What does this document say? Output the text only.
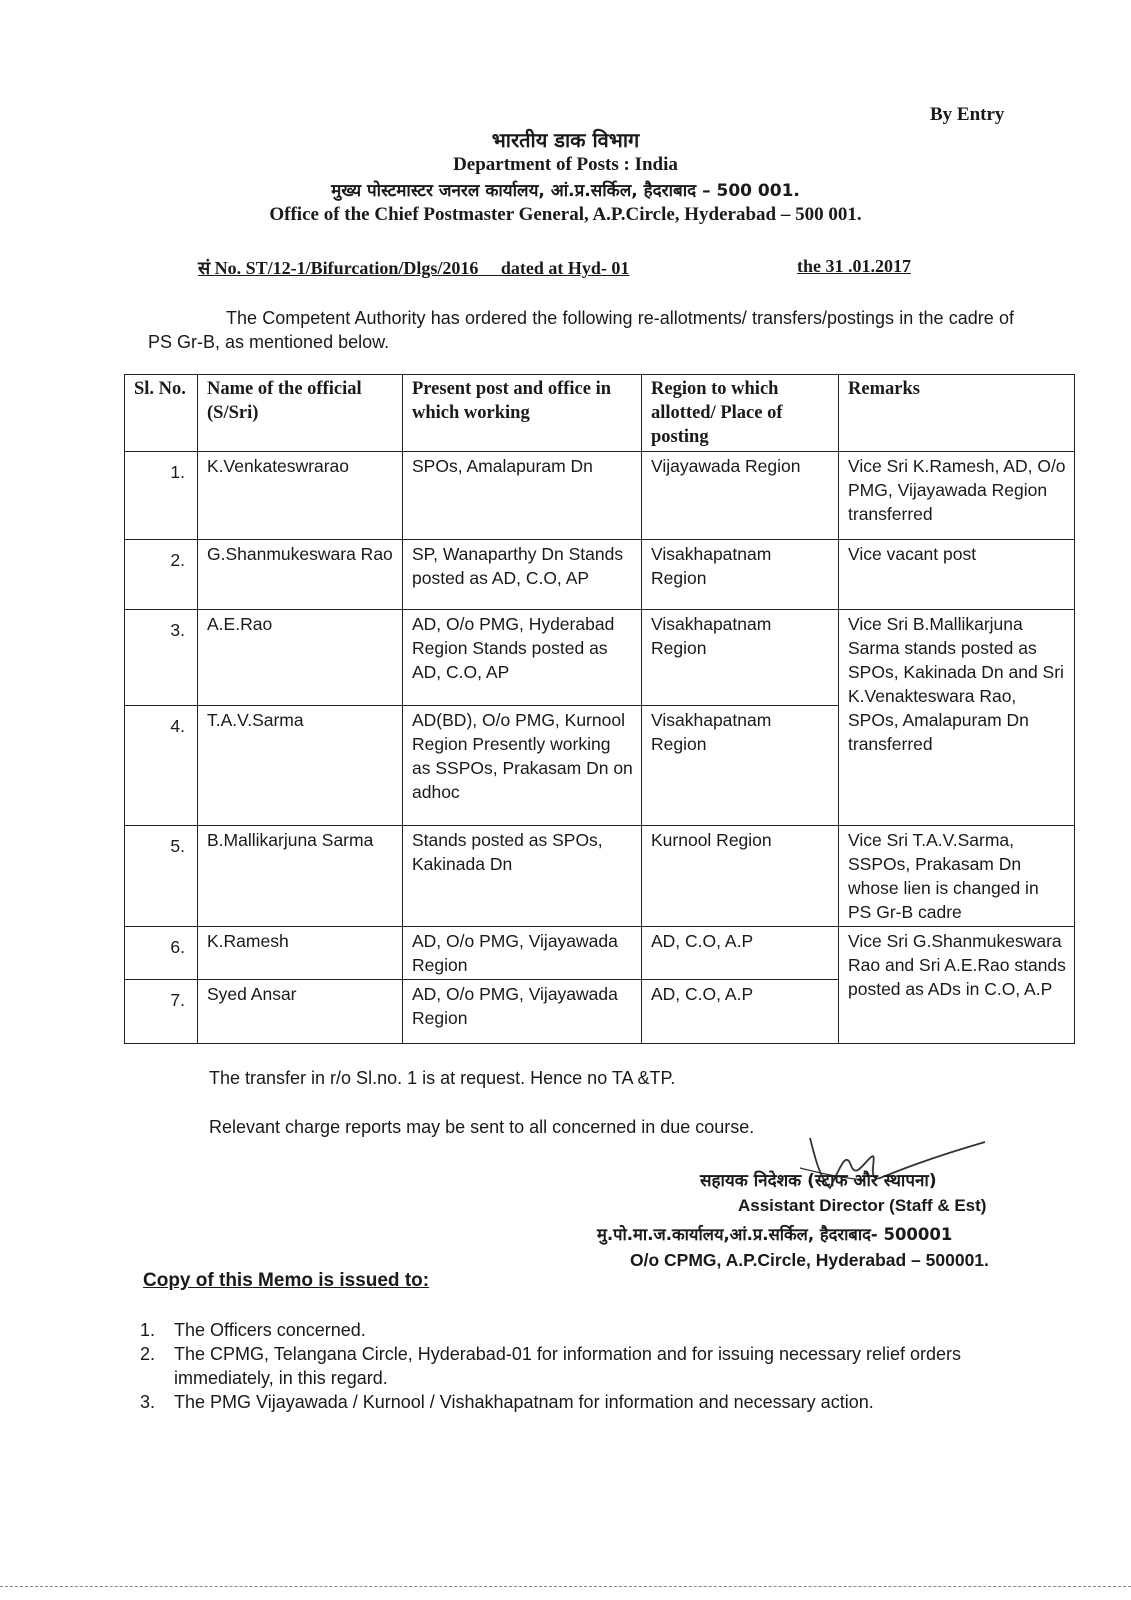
By Entry
भारतीय डाक विभाग
Department of Posts : India
मुख्य पोस्टमास्टर जनरल कार्यालय, आं.प्र.सर्किल, हैदराबाद – 500 001.
Office of the Chief Postmaster General, A.P.Circle, Hyderabad – 500 001.
सं No. ST/12-1/Bifurcation/Dlgs/2016     dated at Hyd- 01	the 31 .01.2017
The Competent Authority has ordered the following re-allotments/ transfers/postings in the cadre of PS Gr-B, as mentioned below.
Sl. No.	Name of the official (S/Sri)	Present post and office in which working	Region to which allotted/ Place of posting	Remarks
1.	K.Venkateswrarao	SPOs, Amalapuram Dn	Vijayawada Region	Vice Sri K.Ramesh, AD, O/o PMG, Vijayawada Region transferred
2.	G.Shanmukeswara Rao	SP, Wanaparthy Dn Stands posted as AD, C.O, AP	Visakhapatnam Region	Vice vacant post
3.	A.E.Rao	AD, O/o PMG, Hyderabad Region Stands posted as AD, C.O, AP	Visakhapatnam Region	Vice Sri B.Mallikarjuna Sarma stands posted as SPOs, Kakinada Dn and Sri K.Venakteswara Rao, SPOs, Amalapuram Dn transferred
4.	T.A.V.Sarma	AD(BD), O/o PMG, Kurnool Region Presently working as SSPOs, Prakasam Dn on adhoc	Visakhapatnam Region	
5.	B.Mallikarjuna Sarma	Stands posted as SPOs, Kakinada Dn	Kurnool Region	Vice Sri T.A.V.Sarma, SSPOs, Prakasam Dn whose lien is changed in PS Gr-B cadre
6.	K.Ramesh	AD, O/o PMG, Vijayawada Region	AD, C.O, A.P	Vice Sri G.Shanmukeswara Rao and Sri A.E.Rao stands posted as ADs in C.O, A.P
7.	Syed Ansar	AD, O/o PMG, Vijayawada Region	AD, C.O, A.P	
The transfer in r/o Sl.no. 1 is at request. Hence no TA &TP.
Relevant charge reports may be sent to all concerned in due course.
सहायक निदेशक (स्टाफ और स्थापना)
Assistant Director (Staff & Est)
मु.पो.मा.ज.कार्यालय,आं.प्र.सर्किल, हैदराबाद- 500001
O/o CPMG, A.P.Circle, Hyderabad – 500001.
Copy of this Memo is issued to:
1. The Officers concerned.
2. The CPMG, Telangana Circle, Hyderabad-01 for information and for issuing necessary relief orders immediately, in this regard.
3. The PMG Vijayawada / Kurnool / Vishakhapatnam for information and necessary action.
